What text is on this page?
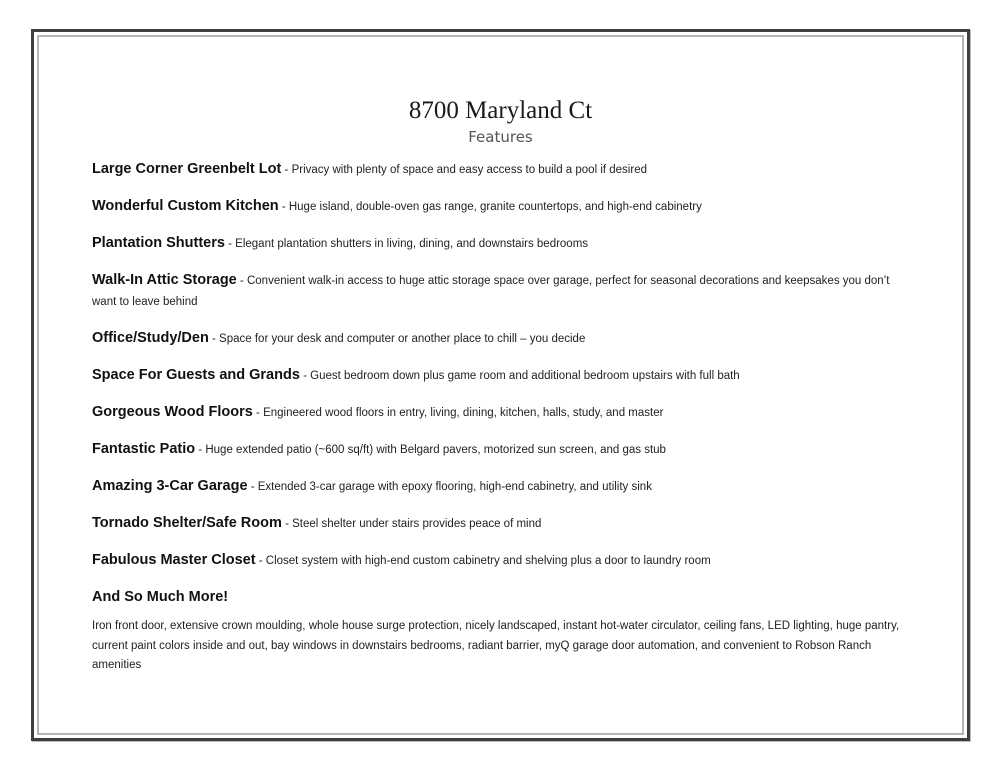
8700 Maryland Ct
Features
Large Corner Greenbelt Lot - Privacy with plenty of space and easy access to build a pool if desired
Wonderful Custom Kitchen - Huge island, double-oven gas range, granite countertops, and high-end cabinetry
Plantation Shutters - Elegant plantation shutters in living, dining, and downstairs bedrooms
Walk-In Attic Storage - Convenient walk-in access to huge attic storage space over garage, perfect for seasonal decorations and keepsakes you don’t want to leave behind
Office/Study/Den - Space for your desk and computer or another place to chill – you decide
Space For Guests and Grands - Guest bedroom down plus game room and additional bedroom upstairs with full bath
Gorgeous Wood Floors - Engineered wood floors in entry, living, dining, kitchen, halls, study, and master
Fantastic Patio - Huge extended patio (~600 sq/ft) with Belgard pavers, motorized sun screen, and gas stub
Amazing 3-Car Garage - Extended 3-car garage with epoxy flooring, high-end cabinetry, and utility sink
Tornado Shelter/Safe Room - Steel shelter under stairs provides peace of mind
Fabulous Master Closet - Closet system with high-end custom cabinetry and shelving plus a door to laundry room
And So Much More!
Iron front door, extensive crown moulding, whole house surge protection, nicely landscaped, instant hot-water circulator, ceiling fans, LED lighting, huge pantry, current paint colors inside and out, bay windows in downstairs bedrooms, radiant barrier, myQ garage door automation, and convenient to Robson Ranch amenities
